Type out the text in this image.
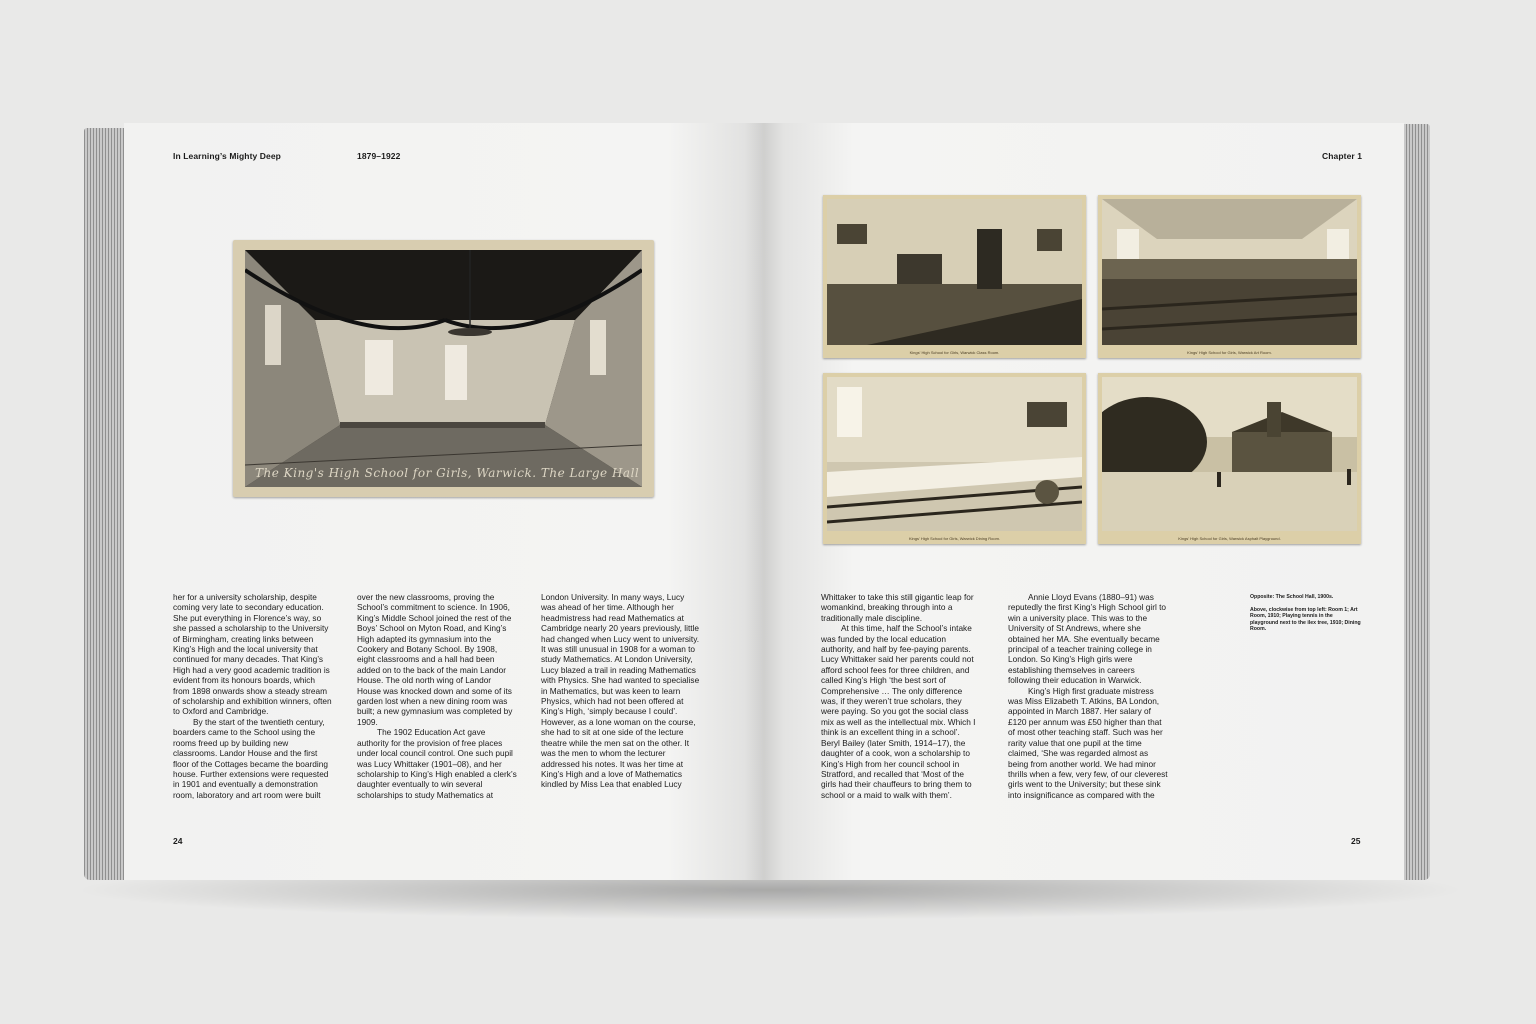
In Learning’s Mighty Deep	1879–1922	Chapter 1
The King's High School for Girls, Warwick. The Large Hall
Kings' High School for Girls, Warwick Class Room.	Kings' High School for Girls, Warwick Art Room.
Kings' High School for Girls, Warwick Dining Room.	Kings' High School for Girls, Warwick Asphalt Playground.

her for a university scholarship, despite coming very late to secondary education. She put everything in Florence’s way, so she passed a scholarship to the University of Birmingham, creating links between King’s High and the local university that continued for many decades. That King’s High had a very good academic tradition is evident from its honours boards, which from 1898 onwards show a steady stream of scholarship and exhibition winners, often to Oxford and Cambridge.

By the start of the twentieth century, boarders came to the School using the rooms freed up by building new classrooms. Landor House and the first floor of the Cottages became the boarding house. Further extensions were requested in 1901 and eventually a demonstration room, laboratory and art room were built

over the new classrooms, proving the School’s commitment to science. In 1906, King’s Middle School joined the rest of the Boys’ School on Myton Road, and King’s High adapted its gymnasium into the Cookery and Botany School. By 1908, eight classrooms and a hall had been added on to the back of the main Landor House. The old north wing of Landor House was knocked down and some of its garden lost when a new dining room was built; a new gymnasium was completed by 1909.

The 1902 Education Act gave authority for the provision of free places under local council control. One such pupil was Lucy Whittaker (1901–08), and her scholarship to King’s High enabled a clerk’s daughter eventually to win several scholarships to study Mathematics at

London University. In many ways, Lucy was ahead of her time. Although her headmistress had read Mathematics at Cambridge nearly 20 years previously, little had changed when Lucy went to university. It was still unusual in 1908 for a woman to study Mathematics. At London University, Lucy blazed a trail in reading Mathematics with Physics. She had wanted to specialise in Mathematics, but was keen to learn Physics, which had not been offered at King’s High, ‘simply because I could’. However, as a lone woman on the course, she had to sit at one side of the lecture theatre while the men sat on the other. It was the men to whom the lecturer addressed his notes. It was her time at King’s High and a love of Mathematics kindled by Miss Lea that enabled Lucy

Whittaker to take this still gigantic leap for womankind, breaking through into a traditionally male discipline.

At this time, half the School’s intake was funded by the local education authority, and half by fee-paying parents. Lucy Whittaker said her parents could not afford school fees for three children, and called King’s High ‘the best sort of Comprehensive … The only difference was, if they weren’t true scholars, they were paying. So you got the social class mix as well as the intellectual mix. Which I think is an excellent thing in a school’. Beryl Bailey (later Smith, 1914–17), the daughter of a cook, won a scholarship to King’s High from her council school in Stratford, and recalled that ‘Most of the girls had their chauffeurs to bring them to school or a maid to walk with them’.

Annie Lloyd Evans (1880–91) was reputedly the first King’s High School girl to win a university place. This was to the University of St Andrews, where she obtained her MA. She eventually became principal of a teacher training college in London. So King’s High girls were establishing themselves in careers following their education in Warwick.

King’s High first graduate mistress was Miss Elizabeth T. Atkins, BA London, appointed in March 1887. Her salary of £120 per annum was £50 higher than that of most other teaching staff. Such was her rarity value that one pupil at the time claimed, ‘She was regarded almost as being from another world. We had minor thrills when a few, very few, of our cleverest girls went to the University; but these sink into insignificance as compared with the

Opposite: The School Hall, 1900s.

Above, clockwise from top left: Room 1; Art Room, 1910; Playing tennis in the playground next to the ilex tree, 1910; Dining Room.

24	25
